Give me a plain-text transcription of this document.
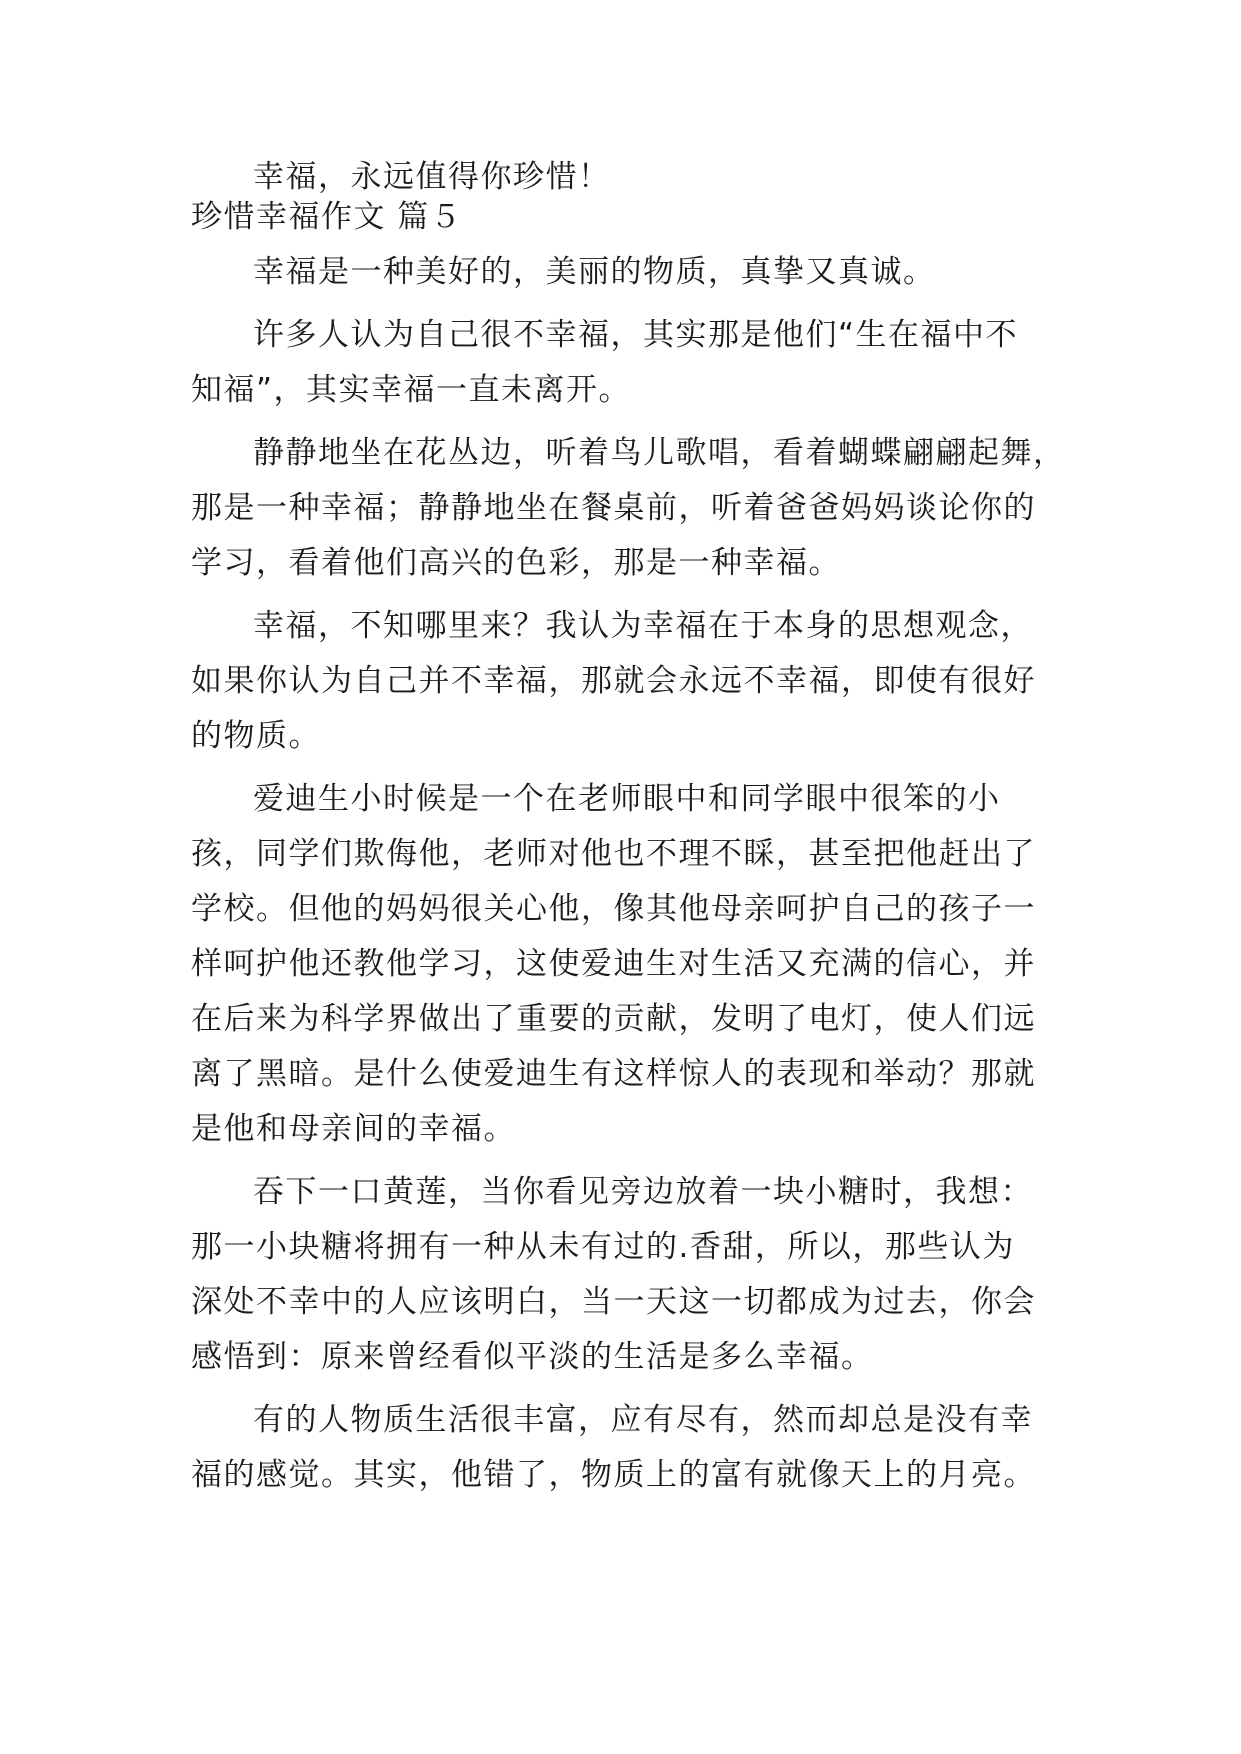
幸福，永远值得你珍惜！

珍惜幸福作文 篇５

幸福是一种美好的，美丽的物质，真挚又真诚。

许多人认为自己很不幸福，其实那是他们“生在福中不

知福”，其实幸福一直未离开。

静静地坐在花丛边，听着鸟儿歌唱，看着蝴蝶翩翩起舞，

那是一种幸福；静静地坐在餐桌前，听着爸爸妈妈谈论你的

学习，看着他们高兴的色彩，那是一种幸福。

幸福，不知哪里来？我认为幸福在于本身的思想观念，

如果你认为自己并不幸福，那就会永远不幸福，即使有很好

的物质。

爱迪生小时候是一个在老师眼中和同学眼中很笨的小

孩，同学们欺侮他，老师对他也不理不睬，甚至把他赶出了

学校。但他的妈妈很关心他，像其他母亲呵护自己的孩子一

样呵护他还教他学习，这使爱迪生对生活又充满的信心，并

在后来为科学界做出了重要的贡献，发明了电灯，使人们远

离了黑暗。是什么使爱迪生有这样惊人的表现和举动？那就

是他和母亲间的幸福。

吞下一口黄莲，当你看见旁边放着一块小糖时，我想：

那一小块糖将拥有一种从未有过的.香甜，所以，那些认为

深处不幸中的人应该明白，当一天这一切都成为过去，你会

感悟到：原来曾经看似平淡的生活是多么幸福。

有的人物质生活很丰富，应有尽有，然而却总是没有幸

福的感觉。其实，他错了，物质上的富有就像天上的月亮。
